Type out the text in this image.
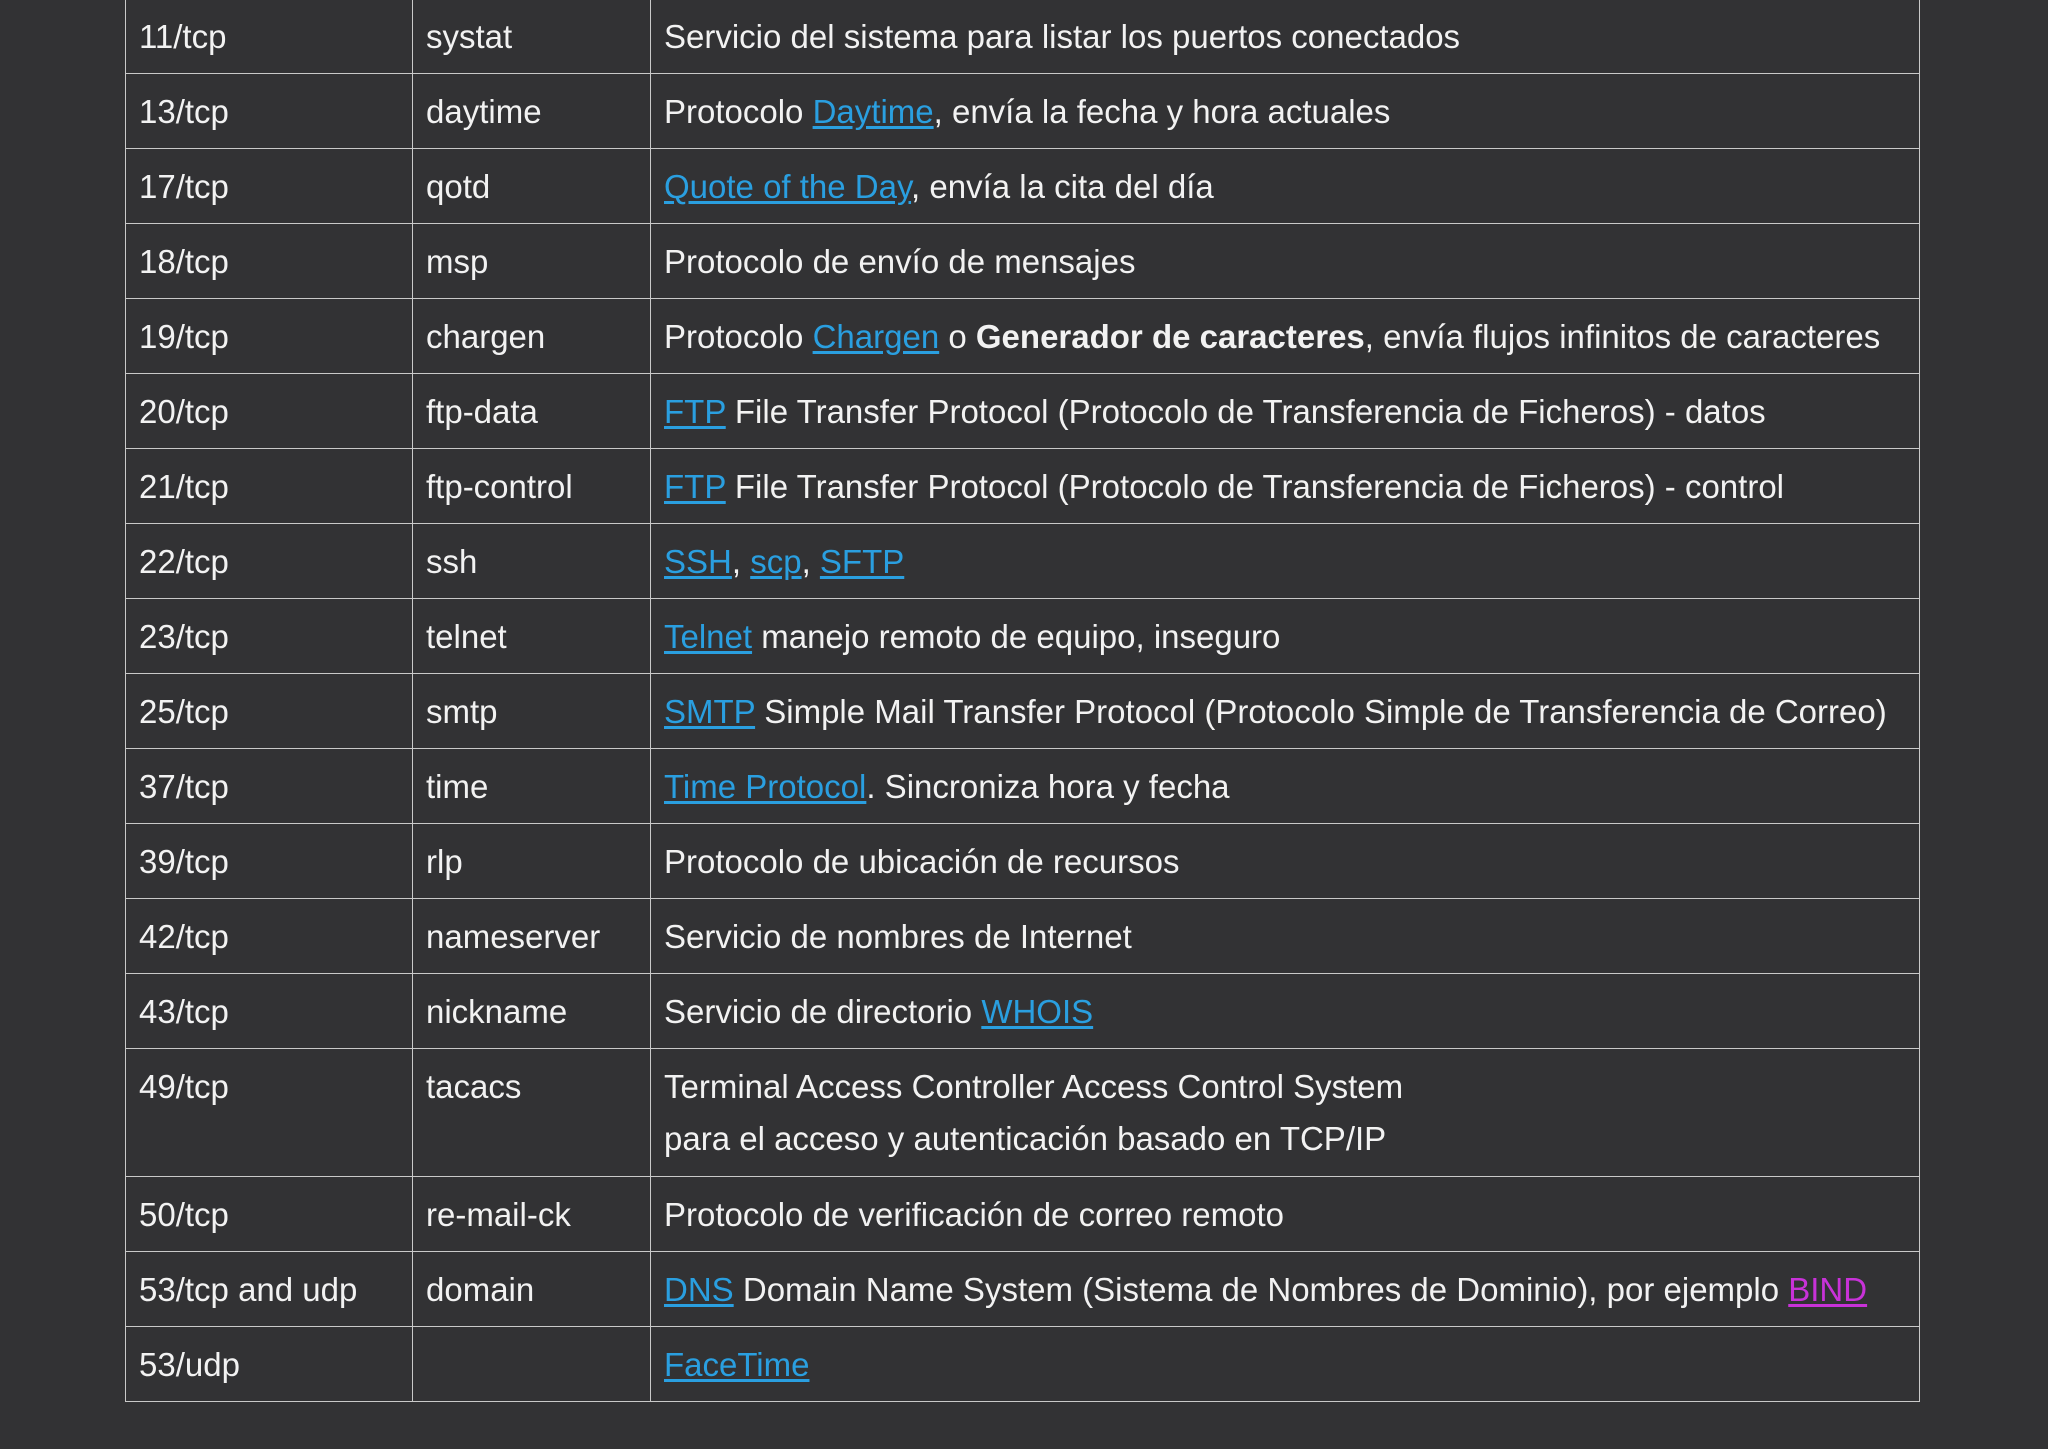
11/tcp	systat	Servicio del sistema para listar los puertos conectados
13/tcp	daytime	Protocolo Daytime, envía la fecha y hora actuales
17/tcp	qotd	Quote of the Day, envía la cita del día
18/tcp	msp	Protocolo de envío de mensajes
19/tcp	chargen	Protocolo Chargen o Generador de caracteres, envía flujos infinitos de caracteres
20/tcp	ftp-data	FTP File Transfer Protocol (Protocolo de Transferencia de Ficheros) - datos
21/tcp	ftp-control	FTP File Transfer Protocol (Protocolo de Transferencia de Ficheros) - control
22/tcp	ssh	SSH, scp, SFTP
23/tcp	telnet	Telnet manejo remoto de equipo, inseguro
25/tcp	smtp	SMTP Simple Mail Transfer Protocol (Protocolo Simple de Transferencia de Correo)
37/tcp	time	Time Protocol. Sincroniza hora y fecha
39/tcp	rlp	Protocolo de ubicación de recursos
42/tcp	nameserver	Servicio de nombres de Internet
43/tcp	nickname	Servicio de directorio WHOIS
49/tcp	tacacs	Terminal Access Controller Access Control System
para el acceso y autenticación basado en TCP/IP

50/tcp	re-mail-ck	Protocolo de verificación de correo remoto
53/tcp and udp	domain	DNS Domain Name System (Sistema de Nombres de Dominio), por ejemplo BIND
53/udp		FaceTime
